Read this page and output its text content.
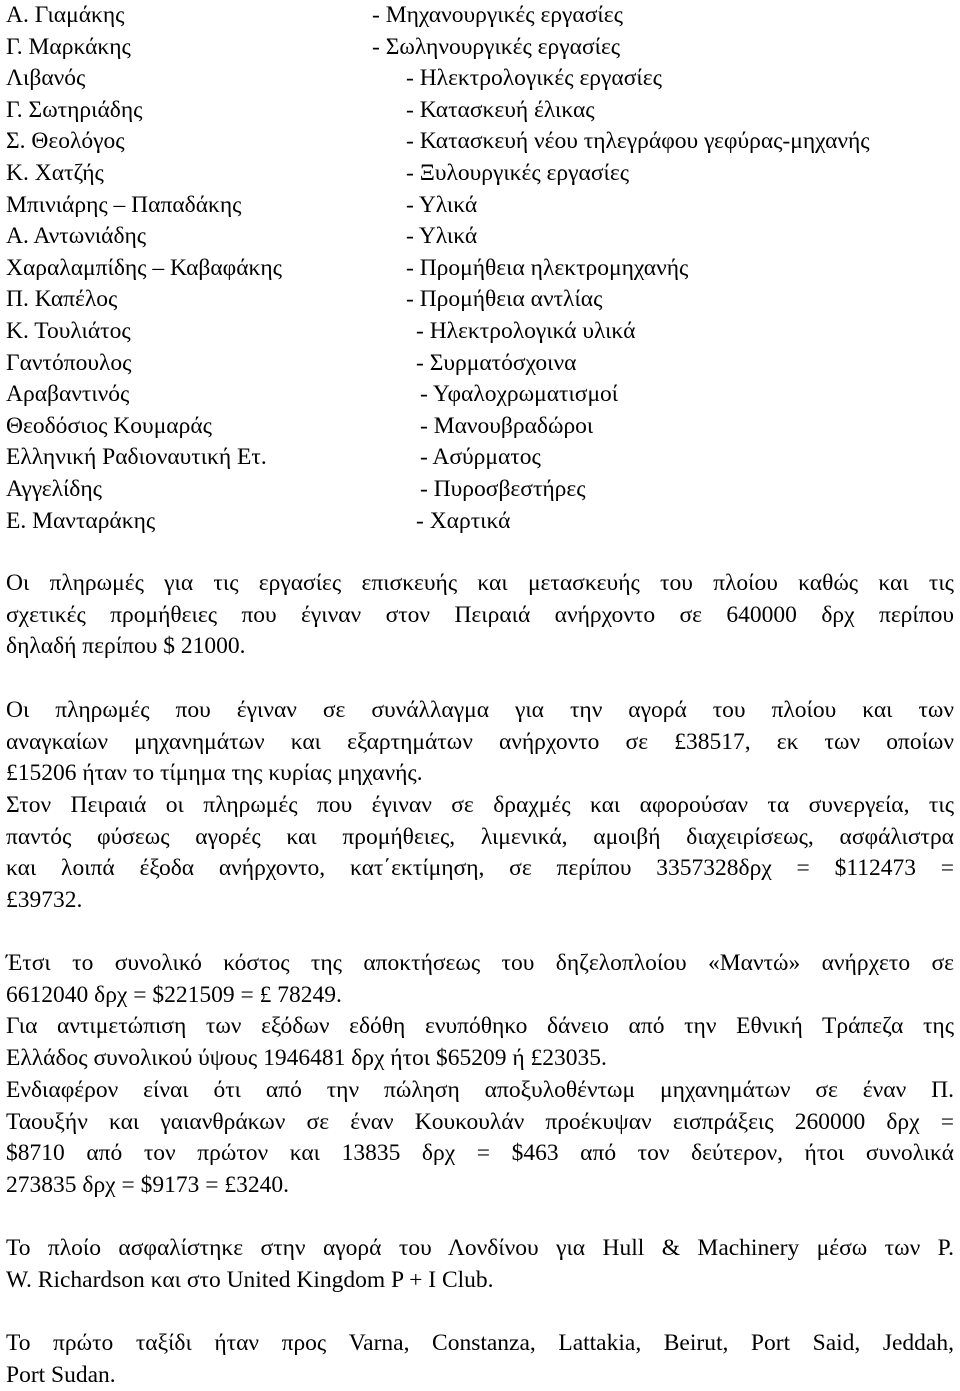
Α. Γιαμάκης	- Μηχανουργικές εργασίες
Γ. Μαρκάκης	- Σωληνουργικές εργασίες
Λιβανός	- Ηλεκτρολογικές εργασίες
Γ. Σωτηριάδης	- Κατασκευή έλικας
Σ. Θεολόγος	- Κατασκευή νέου τηλεγράφου γεφύρας-μηχανής
Κ. Χατζής	- Ξυλουργικές εργασίες
Μπινιάρης – Παπαδάκης	- Υλικά
Α. Αντωνιάδης	- Υλικά
Χαραλαμπίδης – Καβαφάκης	- Προμήθεια ηλεκτρομηχανής
Π. Καπέλος	- Προμήθεια αντλίας
Κ. Τουλιάτος	- Ηλεκτρολογικά υλικά
Γαντόπουλος	- Συρματόσχοινα
Αραβαντινός	- Υφαλοχρωματισμοί
Θεοδόσιος Κουμαράς	- Μανουβραδώροι
Ελληνική Ραδιοναυτική Ετ.	- Ασύρματος
Αγγελίδης	- Πυροσβεστήρες
Ε. Μανταράκης	- Χαρτικά

Οι πληρωμές για τις εργασίες επισκευής και μετασκευής του πλοίου καθώς και τις
σχετικές προμήθειες που έγιναν στον Πειραιά ανήρχοντο σε 640000 δρχ περίπου
δηλαδή περίπου $ 21000.

Οι πληρωμές που έγιναν σε συνάλλαγμα για την αγορά του πλοίου και των
αναγκαίων μηχανημάτων και εξαρτημάτων ανήρχοντο σε £38517, εκ των οποίων
£15206 ήταν το τίμημα της κυρίας μηχανής.

Στον Πειραιά οι πληρωμές που έγιναν σε δραχμές και αφορούσαν τα συνεργεία, τις
παντός φύσεως αγορές και προμήθειες, λιμενικά, αμοιβή διαχειρίσεως, ασφάλιστρα
και λοιπά έξοδα ανήρχοντο, κατ΄εκτίμηση, σε περίπου 3357328δρχ = $112473 =
£39732.

Έτσι το συνολικό κόστος της αποκτήσεως του δηζελοπλοίου «Μαντώ» ανήρχετο σε
6612040 δρχ = $221509 = £ 78249.

Για αντιμετώπιση των εξόδων εδόθη ενυπόθηκο δάνειο από την Εθνική Τράπεζα της
Ελλάδος συνολικού ύψους 1946481 δρχ ήτοι $65209 ή £23035.

Ενδιαφέρον είναι ότι από την πώληση αποξυλοθέντωμ μηχανημάτων σε έναν Π.
Ταουξήν και γαιανθράκων σε έναν Κουκουλάν προέκυψαν εισπράξεις 260000 δρχ =
$8710 από τον πρώτον και 13835 δρχ = $463 από τον δεύτερον, ήτοι συνολικά
273835 δρχ = $9173 = £3240.

Το πλοίο ασφαλίστηκε στην αγορά του Λονδίνου για Hull & Machinery μέσω των Ρ.
W. Richardson και στο United Kingdom P + I Club.

Το πρώτο ταξίδι ήταν προς Varna, Constanza, Lattakia, Beirut, Port Said, Jeddah,
Port Sudan.
